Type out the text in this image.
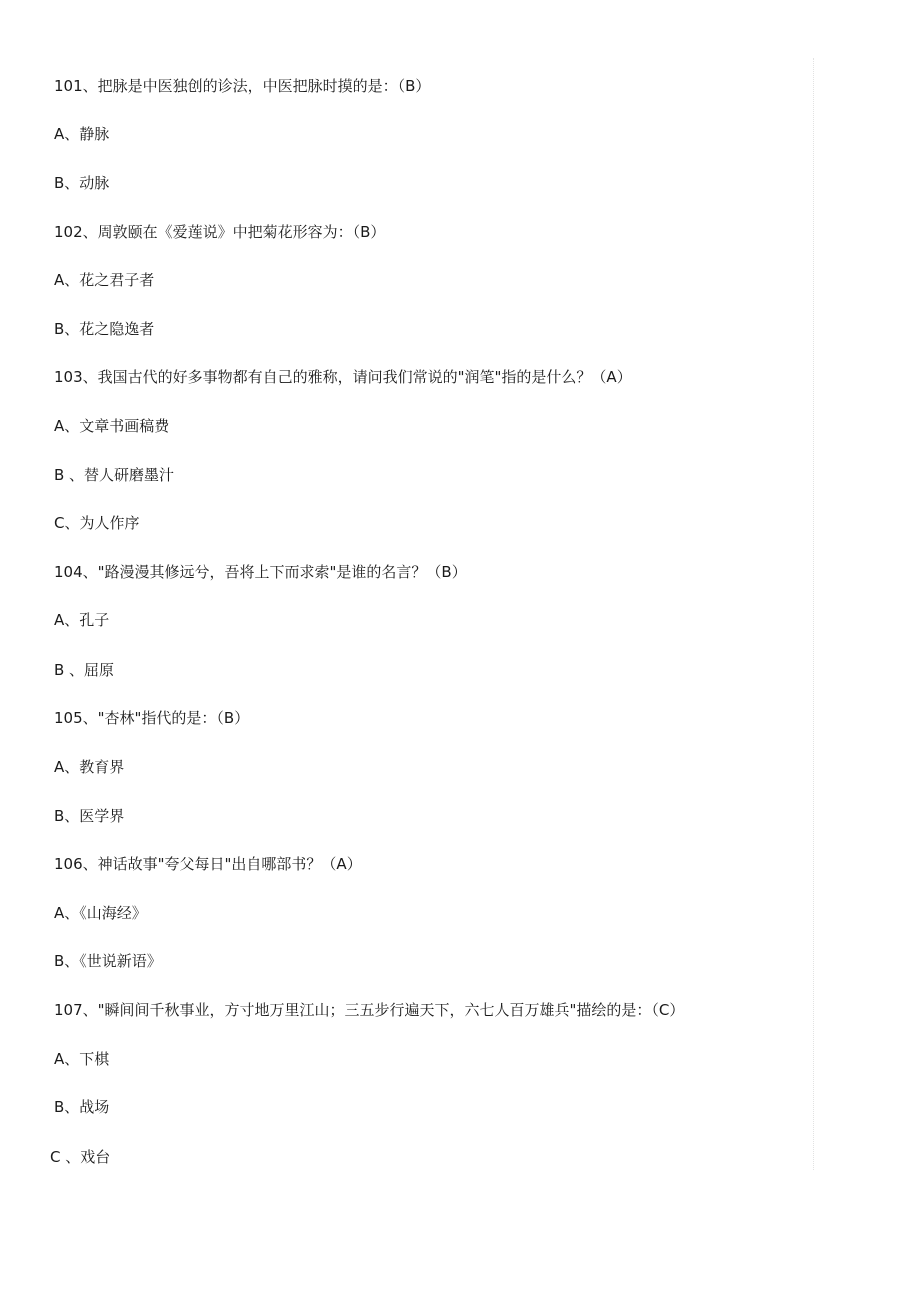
101、把脉是中医独创的诊法，中医把脉时摸的是：（B）
A、静脉
B、动脉
102、周敦颐在《爱莲说》中把菊花形容为：（B）
A、花之君子者
B、花之隐逸者
103、我国古代的好多事物都有自己的雅称，请问我们常说的"润笔"指的是什么？（A）
A、文章书画稿费
B 、替人研磨墨汁
C、为人作序
104、"路漫漫其修远兮，吾将上下而求索"是谁的名言？（B）
A、孔子
B 、屈原
105、"杏林"指代的是：（B）
A、教育界
B、医学界
106、神话故事"夸父每日"出自哪部书？（A）
A、《山海经》
B、《世说新语》
107、"瞬间间千秋事业，方寸地万里江山；三五步行遍天下，六七人百万雄兵"描绘的是：（C）
A、下棋
B、战场
C 、戏台
